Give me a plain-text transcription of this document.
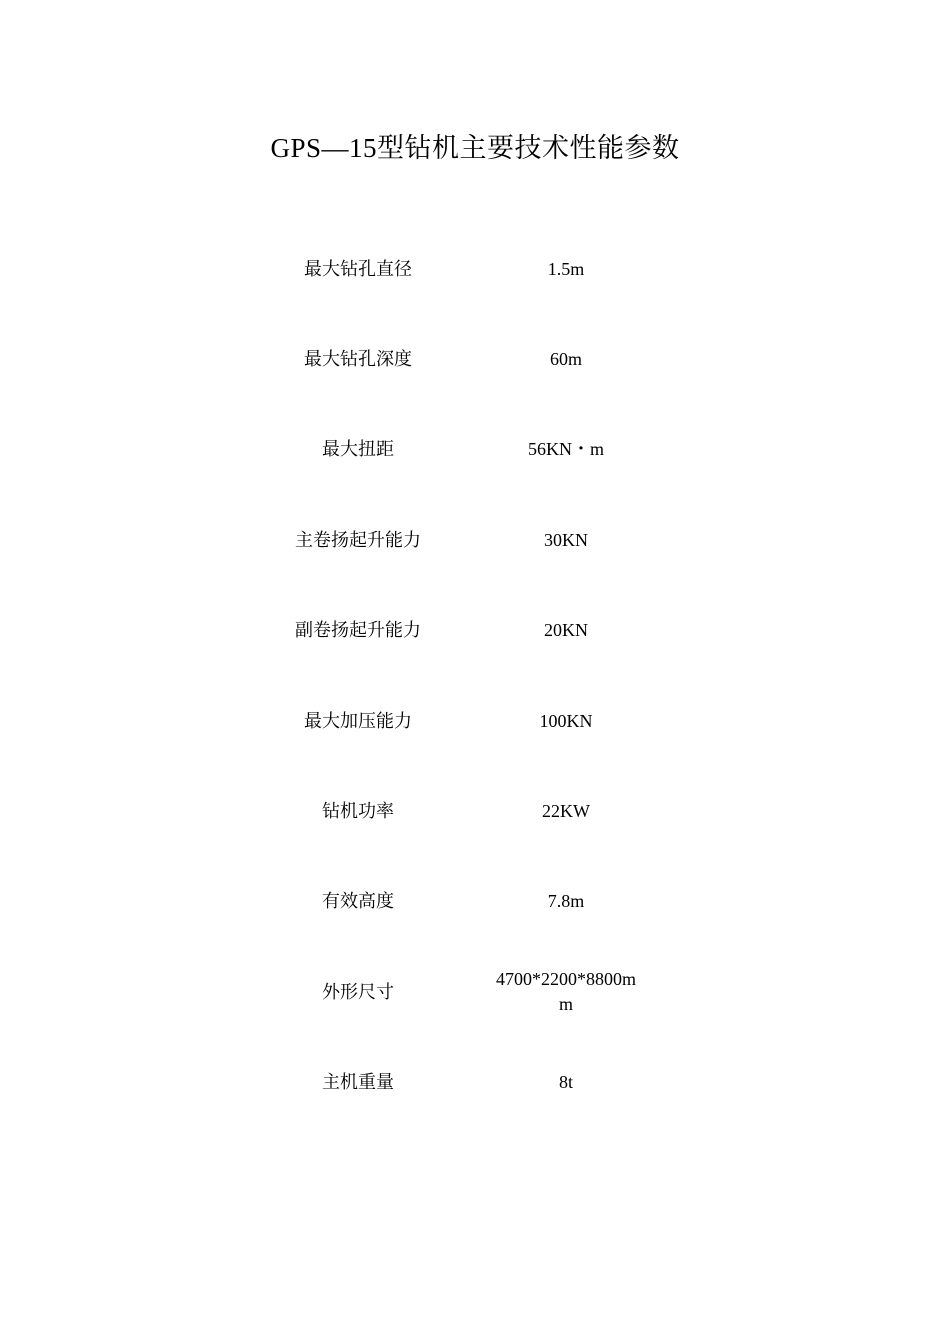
GPS—15型钻机主要技术性能参数
最大钻孔直径	1.5m
最大钻孔深度	60m
最大扭距	56KN・m
主卷扬起升能力	30KN
副卷扬起升能力	20KN
最大加压能力	100KN
钻机功率	22KW
有效高度	7.8m
外形尺寸	4700*2200*8800mm
主机重量	8t
